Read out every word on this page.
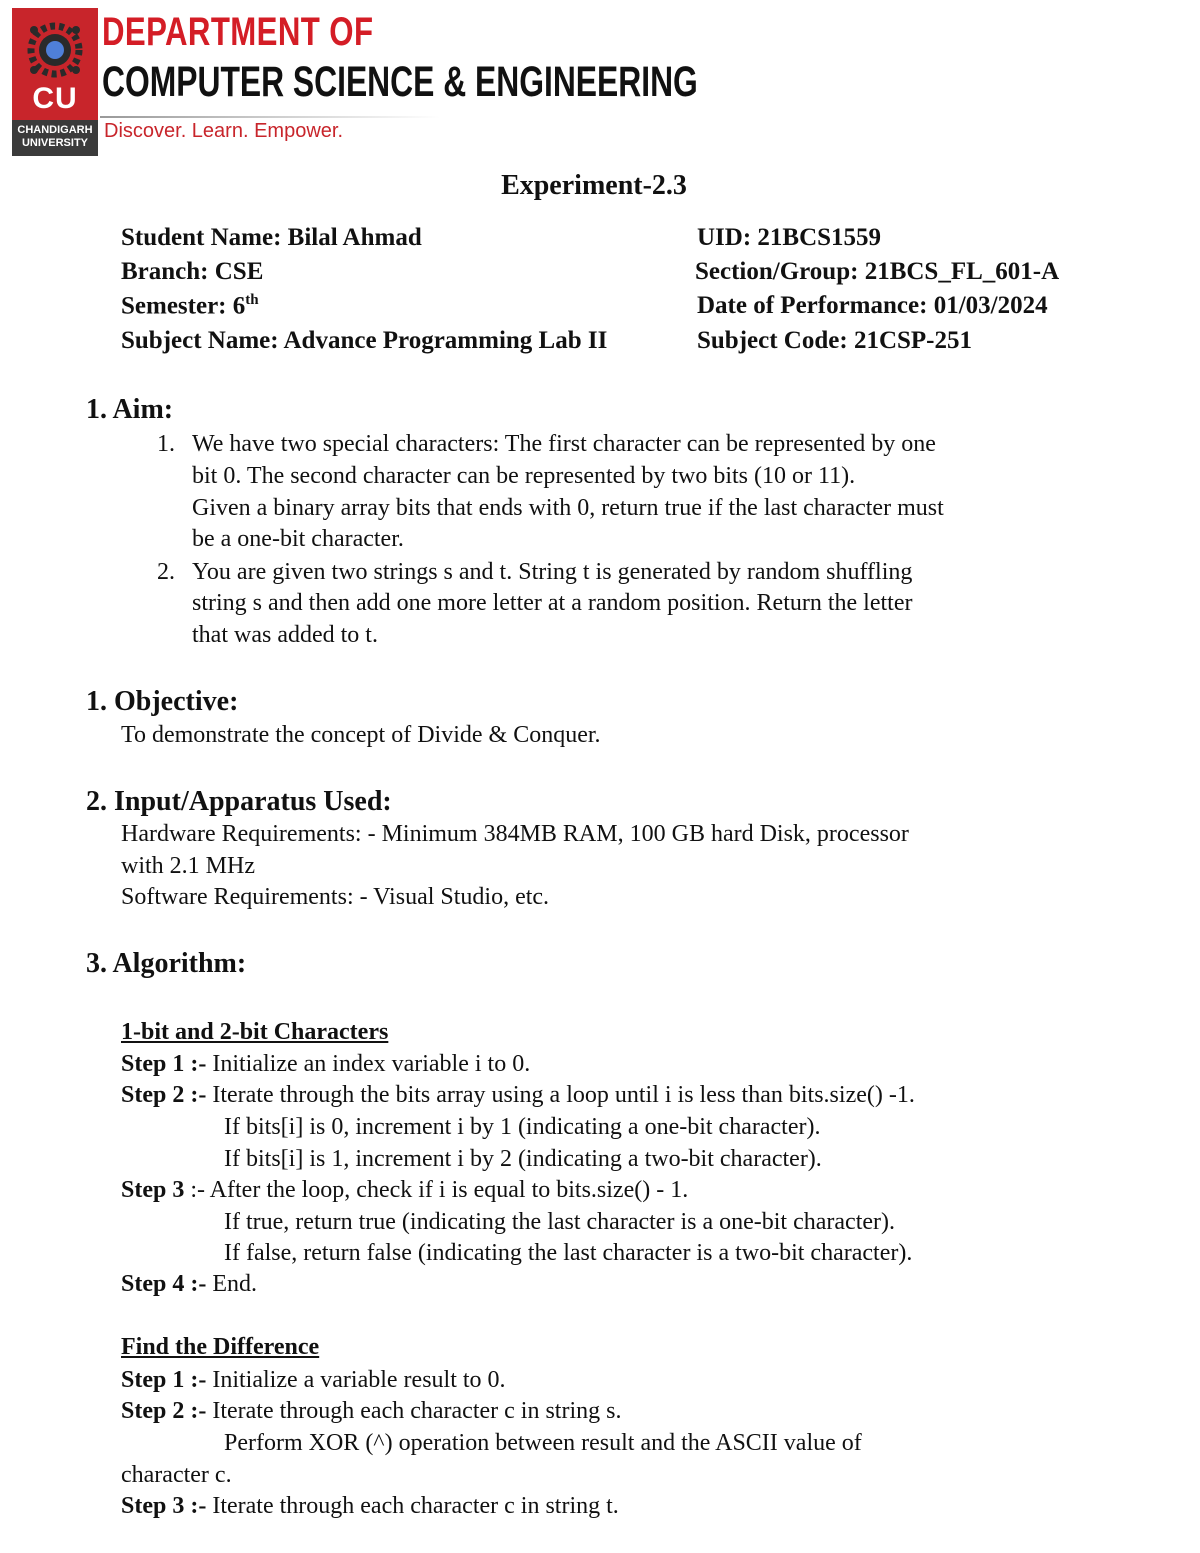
CU
CHANDIGARH UNIVERSITY
DEPARTMENT OF
COMPUTER SCIENCE & ENGINEERING
Discover. Learn. Empower.
Experiment-2.3
Student Name: Bilal Ahmad	UID: 21BCS1559
Branch: CSE	Section/Group: 21BCS_FL_601-A
Semester: 6th	Date of Performance: 01/03/2024
Subject Name: Advance Programming Lab II	Subject Code: 21CSP-251
1. Aim:
1. We have two special characters: The first character can be represented by one
bit 0. The second character can be represented by two bits (10 or 11).
Given a binary array bits that ends with 0, return true if the last character must
be a one-bit character.
2. You are given two strings s and t. String t is generated by random shuffling
string s and then add one more letter at a random position. Return the letter
that was added to t.
1. Objective:
To demonstrate the concept of Divide & Conquer.
2. Input/Apparatus Used:
Hardware Requirements: - Minimum 384MB RAM, 100 GB hard Disk, processor
with 2.1 MHz
Software Requirements: - Visual Studio, etc.
3. Algorithm:
1-bit and 2-bit Characters
Step 1 :- Initialize an index variable i to 0.
Step 2 :- Iterate through the bits array using a loop until i is less than bits.size() -1.
If bits[i] is 0, increment i by 1 (indicating a one-bit character).
If bits[i] is 1, increment i by 2 (indicating a two-bit character).
Step 3 :- After the loop, check if i is equal to bits.size() - 1.
If true, return true (indicating the last character is a one-bit character).
If false, return false (indicating the last character is a two-bit character).
Step 4 :- End.
Find the Difference
Step 1 :- Initialize a variable result to 0.
Step 2 :- Iterate through each character c in string s.
Perform XOR (^) operation between result and the ASCII value of
character c.
Step 3 :- Iterate through each character c in string t.
